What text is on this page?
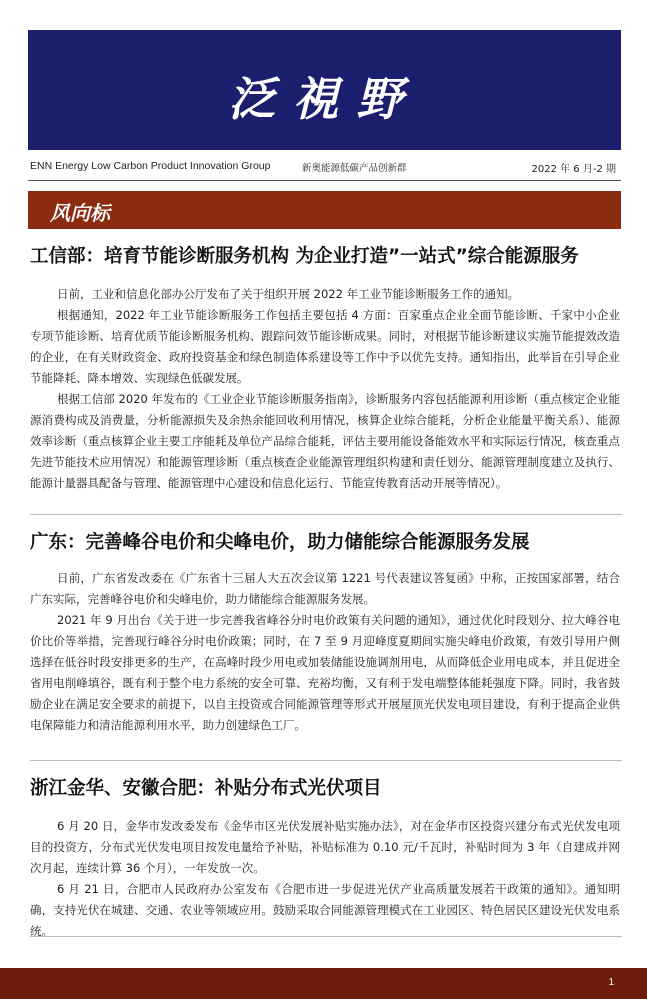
泛視野
ENN Energy Low Carbon Product Innovation Group	新奥能源低碳产品创新群	2022 年 6 月-2 期
风向标
工信部：培育节能诊断服务机构 为企业打造”一站式”综合能源服务

日前，工业和信息化部办公厅发布了关于组织开展 2022 年工业节能诊断服务工作的通知。

根据通知，2022 年工业节能诊断服务工作包括主要包括 4 方面：百家重点企业全面节能诊断、千家中小企业专项节能诊断、培育优质节能诊断服务机构、跟踪问效节能诊断成果。同时，对根据节能诊断建议实施节能提效改造的企业，在有关财政资金、政府投资基金和绿色制造体系建设等工作中予以优先支持。通知指出，此举旨在引导企业节能降耗、降本增效、实现绿色低碳发展。

根据工信部 2020 年发布的《工业企业节能诊断服务指南》，诊断服务内容包括能源利用诊断（重点核定企业能源消费构成及消费量，分析能源损失及余热余能回收利用情况，核算企业综合能耗，分析企业能量平衡关系）、能源效率诊断（重点核算企业主要工序能耗及单位产品综合能耗，评估主要用能设备能效水平和实际运行情况，核查重点先进节能技术应用情况）和能源管理诊断（重点核查企业能源管理组织构建和责任划分、能源管理制度建立及执行、能源计量器具配备与管理、能源管理中心建设和信息化运行、节能宣传教育活动开展等情况）。

广东：完善峰谷电价和尖峰电价，助力储能综合能源服务发展

日前，广东省发改委在《广东省十三届人大五次会议第 1221 号代表建议答复函》中称，正按国家部署，结合广东实际，完善峰谷电价和尖峰电价，助力储能综合能源服务发展。

2021 年 9 月出台《关于进一步完善我省峰谷分时电价政策有关问题的通知》，通过优化时段划分、拉大峰谷电价比价等举措，完善现行峰谷分时电价政策；同时，在 7 至 9 月迎峰度夏期间实施尖峰电价政策，有效引导用户侧选择在低谷时段安排更多的生产，在高峰时段少用电或加装储能设施调剂用电，从而降低企业用电成本，并且促进全省用电削峰填谷，既有利于整个电力系统的安全可靠、充裕均衡，又有利于发电端整体能耗强度下降。同时，我省鼓励企业在满足安全要求的前提下，以自主投资或合同能源管理等形式开展屋顶光伏发电项目建设，有利于提高企业供电保障能力和清洁能源利用水平，助力创建绿色工厂。

浙江金华、安徽合肥：补贴分布式光伏项目

6 月 20 日，金华市发改委发布《金华市区光伏发展补贴实施办法》，对在金华市区投资兴建分布式光伏发电项目的投资方，分布式光伏发电项目按发电量给予补贴，补贴标准为 0.10 元/千瓦时，补贴时间为 3 年（自建成并网次月起，连续计算 36 个月），一年发放一次。

6 月 21 日，合肥市人民政府办公室发布《合肥市进一步促进光伏产业高质量发展若干政策的通知》。通知明确，支持光伏在城建、交通、农业等领域应用。鼓励采取合同能源管理模式在工业园区、特色居民区建设光伏发电系统。

1
